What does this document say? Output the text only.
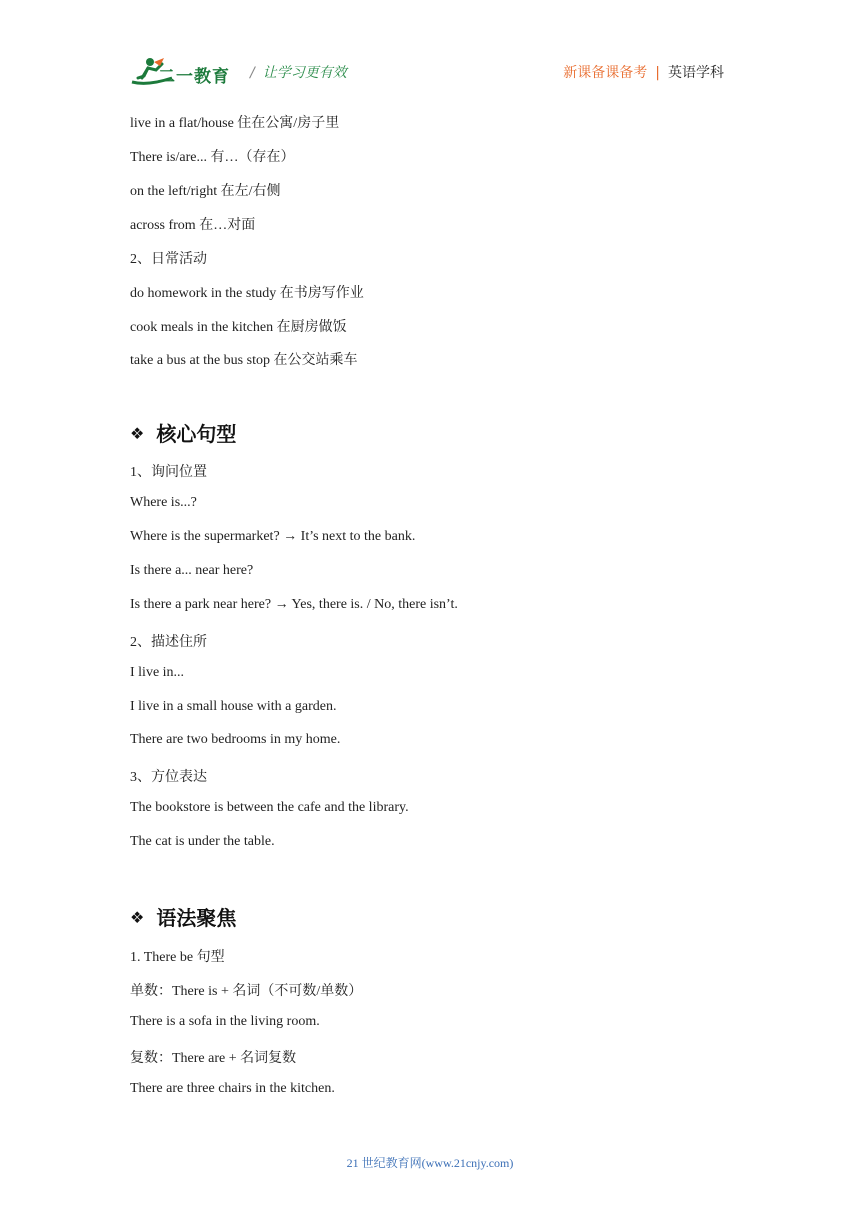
二一教育 / 让学习更有效	新课备课备考 | 英语学科
live in a flat/house 住在公寓/房子里
There is/are... 有…（存在）
on the left/right 在左/右侧
across from 在…对面
2、日常活动
do homework in the study 在书房写作业
cook meals in the kitchen 在厨房做饭
take a bus at the bus stop 在公交站乘车
❖ 核心句型
1、询问位置
Where is...?
Where is the supermarket? → It’s next to the bank.
Is there a... near here?
Is there a park near here? → Yes, there is. / No, there isn’t.
2、描述住所
I live in...
I live in a small house with a garden.
There are two bedrooms in my home.
3、方位表达
The bookstore is between the cafe and the library.
The cat is under the table.
❖ 语法聚焦
1. There be 句型
单数：There is + 名词（不可数/单数）
There is a sofa in the living room.
复数：There are + 名词复数
There are three chairs in the kitchen.
21 世纪教育网(www.21cnjy.com)
